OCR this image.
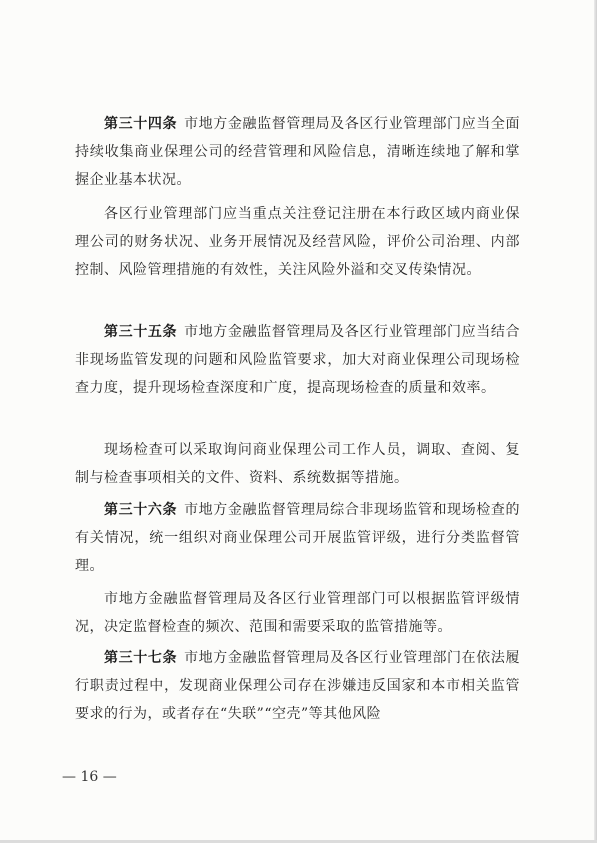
第三十四条 市地方金融监督管理局及各区行业管理部门应当全面持续收集商业保理公司的经营管理和风险信息，清晰连续地了解和掌握企业基本状况。

各区行业管理部门应当重点关注登记注册在本行政区域内商业保理公司的财务状况、业务开展情况及经营风险，评价公司治理、内部控制、风险管理措施的有效性，关注风险外溢和交叉传染情况。

第三十五条 市地方金融监督管理局及各区行业管理部门应当结合非现场监管发现的问题和风险监管要求，加大对商业保理公司现场检查力度，提升现场检查深度和广度，提高现场检查的质量和效率。

现场检查可以采取询问商业保理公司工作人员，调取、查阅、复制与检查事项相关的文件、资料、系统数据等措施。

第三十六条 市地方金融监督管理局综合非现场监管和现场检查的有关情况，统一组织对商业保理公司开展监管评级，进行分类监督管理。

市地方金融监督管理局及各区行业管理部门可以根据监管评级情况，决定监督检查的频次、范围和需要采取的监管措施等。

第三十七条 市地方金融监督管理局及各区行业管理部门在依法履行职责过程中，发现商业保理公司存在涉嫌违反国家和本市相关监管要求的行为，或者存在“失联”“空壳”等其他风险

— 16 —
